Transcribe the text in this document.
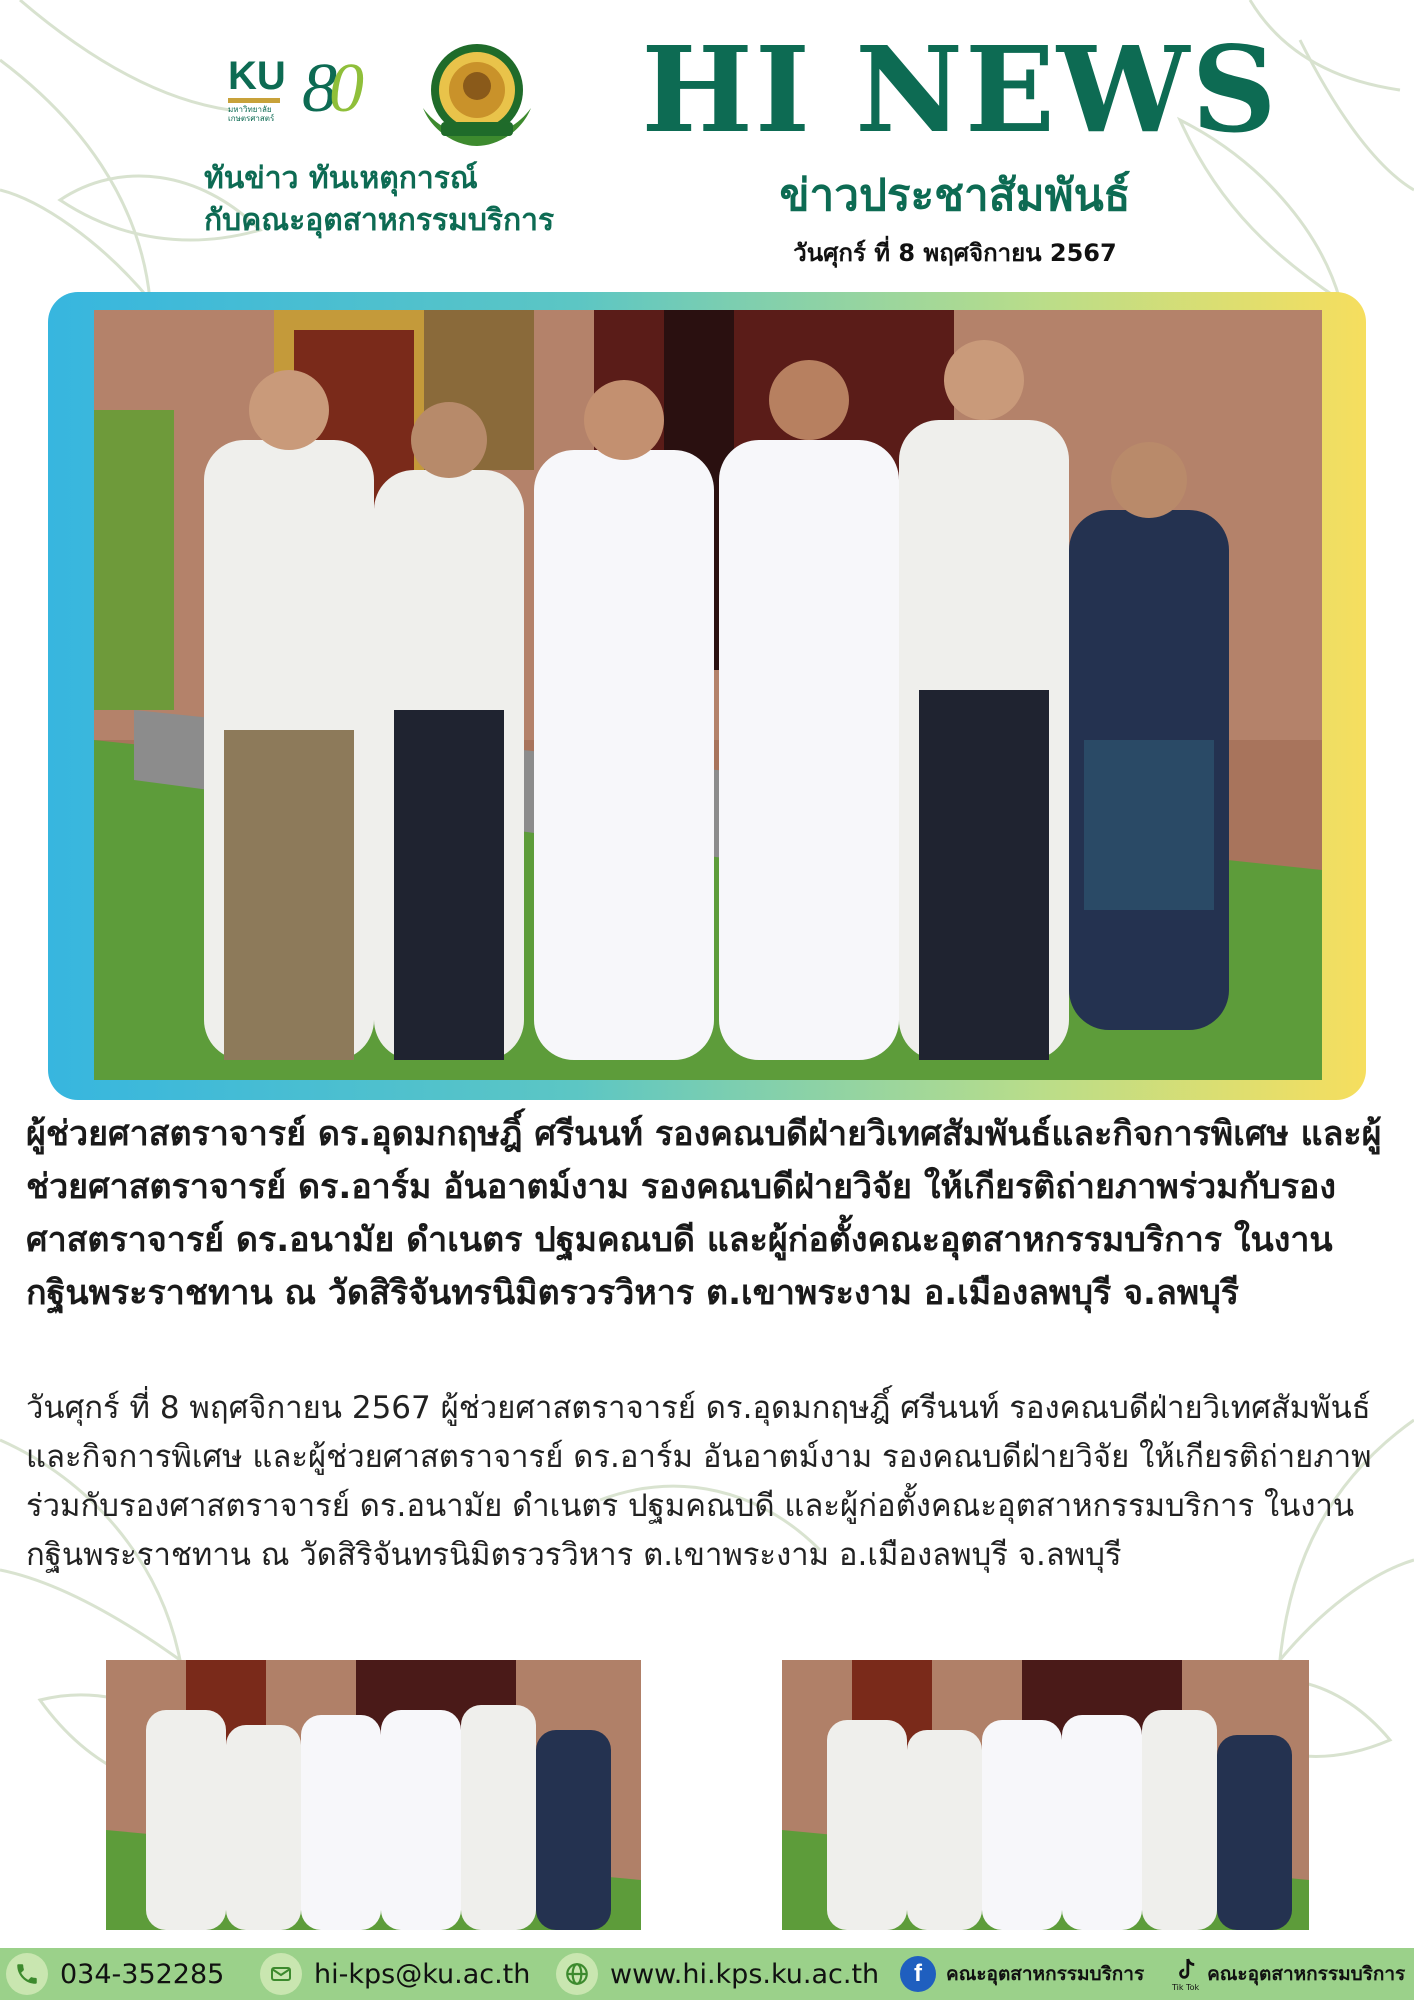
KU
มหาวิทยาลัย เกษตรศาสตร์ 80
ทันข่าว ทันเหตุการณ์
กับคณะอุตสาหกรรมบริการ
HI NEWS
ข่าวประชาสัมพันธ์
วันศุกร์ ที่ 8 พฤศจิกายน 2567
ผู้ช่วยศาสตราจารย์ ดร.อุดมกฤษฎิ์ ศรีนนท์ รองคณบดีฝ่ายวิเทศสัมพันธ์และกิจการพิเศษ และผู้ช่วยศาสตราจารย์ ดร.อาร์ม อันอาตม์งาม รองคณบดีฝ่ายวิจัย ให้เกียรติถ่ายภาพร่วมกับรองศาสตราจารย์ ดร.อนามัย ดำเนตร ปฐมคณบดี และผู้ก่อตั้งคณะอุตสาหกรรมบริการ ในงานกฐินพระราชทาน ณ วัดสิริจันทรนิมิตรวรวิหาร ต.เขาพระงาม อ.เมืองลพบุรี จ.ลพบุรี
วันศุกร์ ที่ 8 พฤศจิกายน 2567 ผู้ช่วยศาสตราจารย์ ดร.อุดมกฤษฎิ์ ศรีนนท์ รองคณบดีฝ่ายวิเทศสัมพันธ์และกิจการพิเศษ และผู้ช่วยศาสตราจารย์ ดร.อาร์ม อันอาตม์งาม รองคณบดีฝ่ายวิจัย ให้เกียรติถ่ายภาพร่วมกับรองศาสตราจารย์ ดร.อนามัย ดำเนตร ปฐมคณบดี และผู้ก่อตั้งคณะอุตสาหกรรมบริการ ในงานกฐินพระราชทาน ณ วัดสิริจันทรนิมิตรวรวิหาร ต.เขาพระงาม อ.เมืองลพบุรี จ.ลพบุรี
034-352285	hi-kps@ku.ac.th	www.hi.kps.ku.ac.th f คณะอุตสาหกรรมบริการ
Tik Tok
คณะอุตสาหกรรมบริการ
